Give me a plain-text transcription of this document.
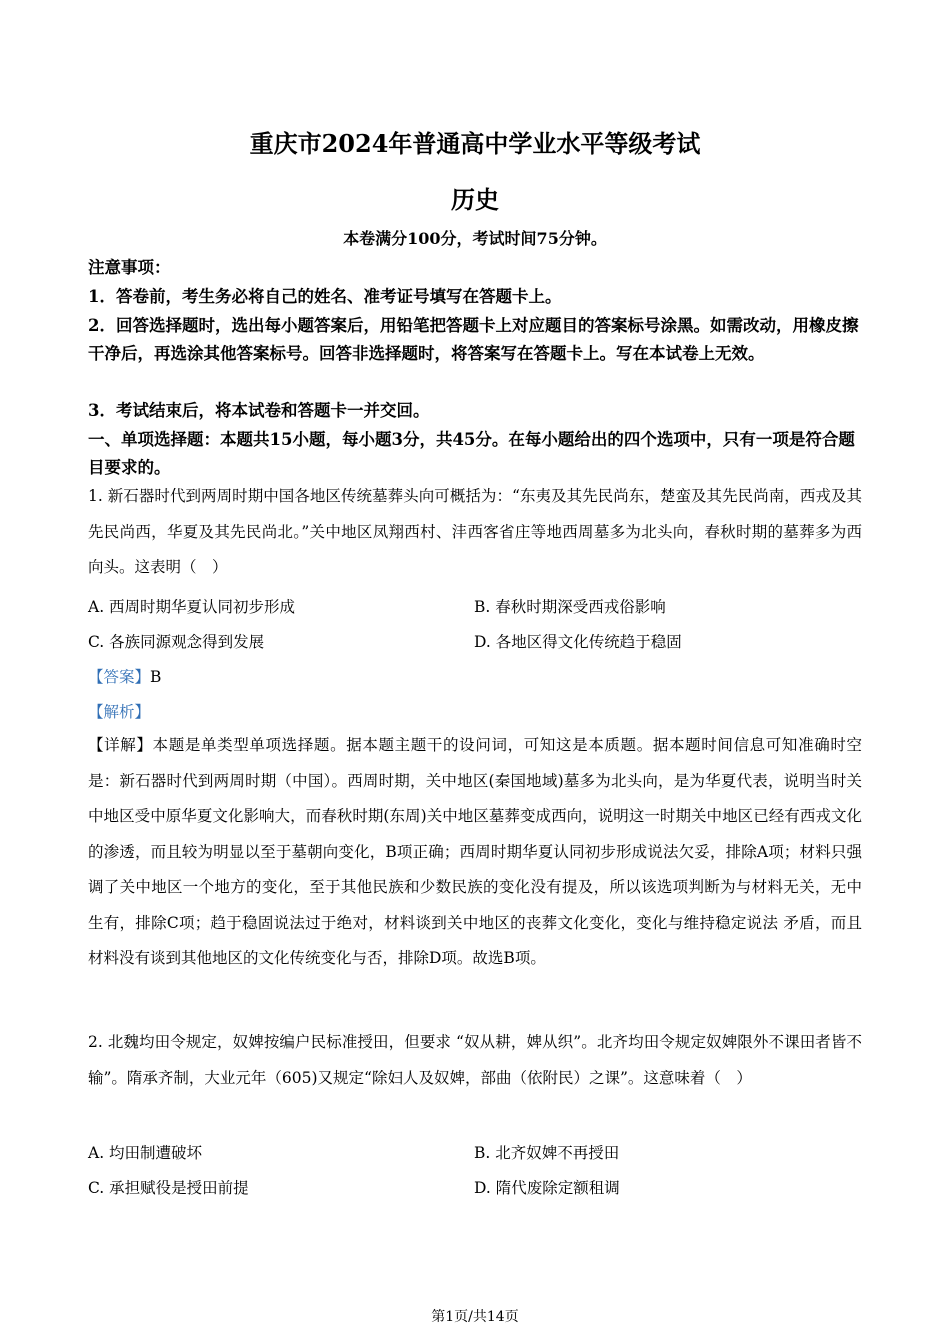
重庆市2024年普通高中学业水平等级考试
历史
本卷满分100分，考试时间75分钟。
注意事项：
1．答卷前，考生务必将自己的姓名、准考证号填写在答题卡上。
2．回答选择题时，选出每小题答案后，用铅笔把答题卡上对应题目的答案标号涂黑。如需改动，用橡皮擦干净后，再选涂其他答案标号。回答非选择题时，将答案写在答题卡上。写在本试卷上无效。
3．考试结束后，将本试卷和答题卡一并交回。
一、单项选择题：本题共15小题，每小题3分，共45分。在每小题给出的四个选项中，只有一项是符合题目要求的。
1. 新石器时代到两周时期中国各地区传统墓葬头向可概括为：“东夷及其先民尚东，楚蛮及其先民尚南，西戎及其先民尚西，华夏及其先民尚北。”关中地区凤翔西村、沣西客省庄等地西周墓多为北头向，春秋时期的墓葬多为西向头。这表明（　）
A. 西周时期华夏认同初步形成	B. 春秋时期深受西戎俗影响
C. 各族同源观念得到发展	D. 各地区得文化传统趋于稳固
【答案】B
【解析】
【详解】本题是单类型单项选择题。据本题主题干的设问词，可知这是本质题。据本题时间信息可知准确时空是：新石器时代到两周时期（中国）。西周时期，关中地区(秦国地域)墓多为北头向，是为华夏代表，说明当时关中地区受中原华夏文化影响大，而春秋时期(东周)关中地区墓葬变成西向，说明这一时期关中地区已经有西戎文化的渗透，而且较为明显以至于墓朝向变化，B项正确；西周时期华夏认同初步形成说法欠妥，排除A项；材料只强调了关中地区一个地方的变化，至于其他民族和少数民族的变化没有提及，所以该选项判断为与材料无关，无中生有，排除C项；趋于稳固说法过于绝对，材料谈到关中地区的丧葬文化变化，变化与维持稳定说法 矛盾，而且材料没有谈到其他地区的文化传统变化与否，排除D项。故选B项。
2. 北魏均田令规定，奴婢按编户民标准授田，但要求 “奴从耕，婢从织”。北齐均田令规定奴婢限外不课田者皆不输”。隋承齐制，大业元年（605)又规定“除妇人及奴婢，部曲（依附民）之课”。这意味着（　）
A. 均田制遭破坏	B. 北齐奴婢不再授田
C. 承担赋役是授田前提	D. 隋代废除定额租调
第1页/共14页
